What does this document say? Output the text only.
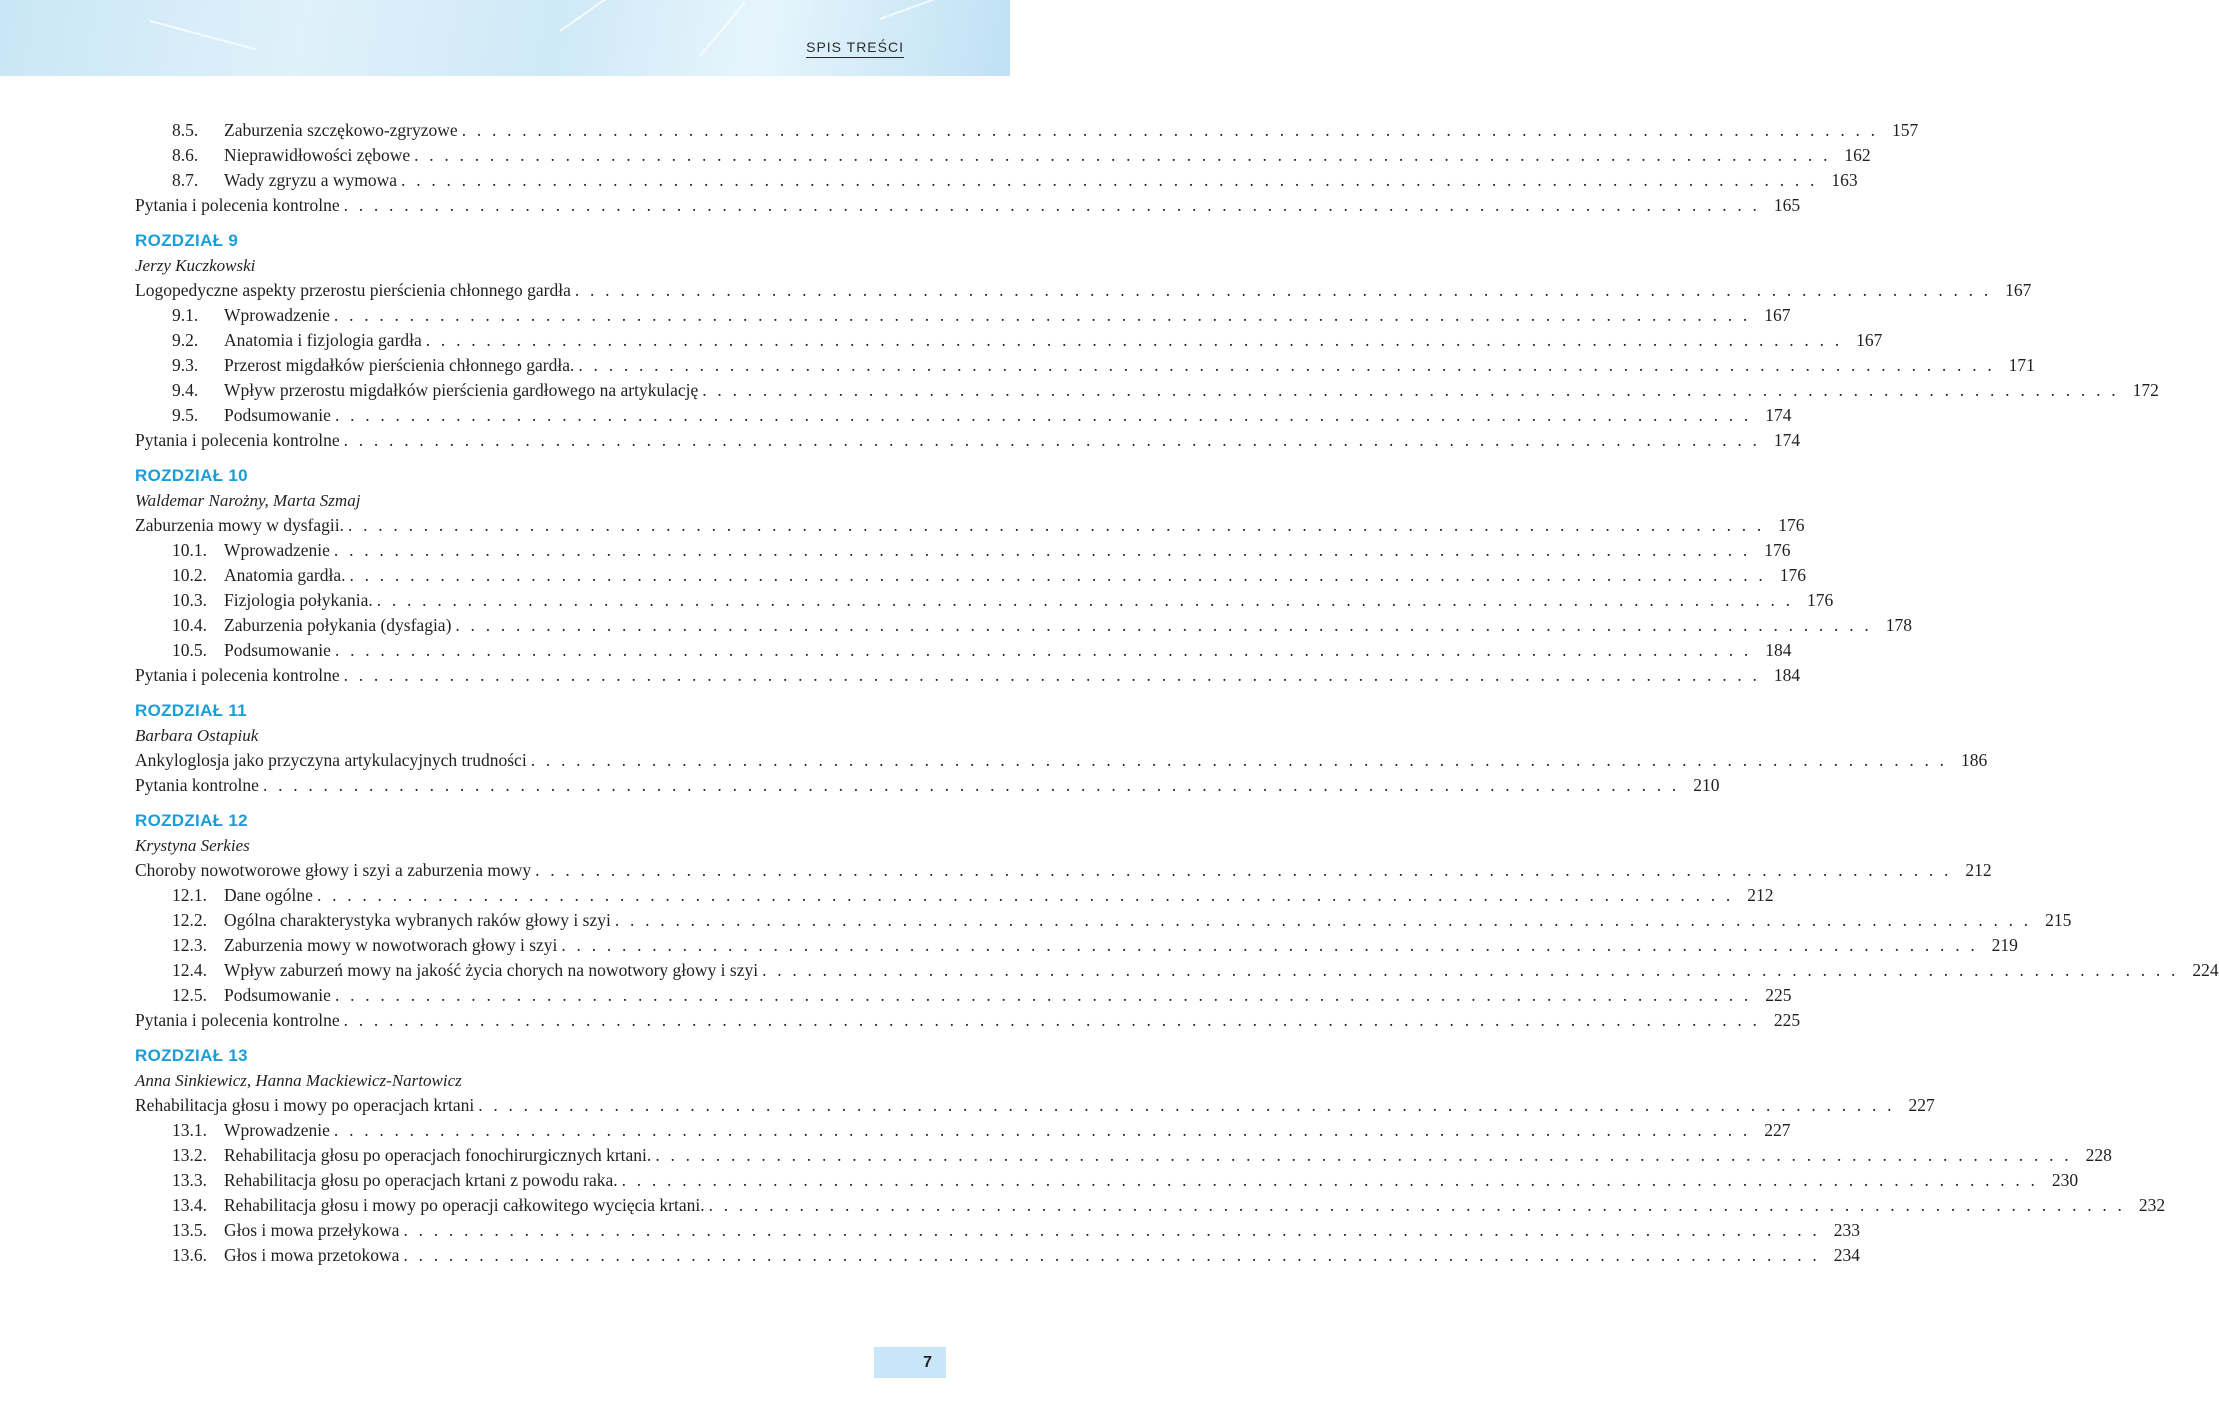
SPIS TREŚCI
8.5.	Zaburzenia szczękowo-zgryzowe . . . . . . . . . . . . . . . . . . . . . . . . . . . . . . . . . . . . . . . . . . . . . . . . . . . . . . . . . . . . . . . . . . . . . . . . . . . . . . . . . . . . . . . . . . . . . . 157
8.6.	Nieprawidłowości zębowe . . . . . . . . . . . . . . . . . . . . . . . . . . . . . . . . . . . . . . . . . . . . . . . . . . . . . . . . . . . . . . . . . . . . . . . . . . . . . . . . . . . . . . . . . . . . . . 162
8.7.	Wady zgryzu a wymowa . . . . . . . . . . . . . . . . . . . . . . . . . . . . . . . . . . . . . . . . . . . . . . . . . . . . . . . . . . . . . . . . . . . . . . . . . . . . . . . . . . . . . . . . . . . . . . 163
Pytania i polecenia kontrolne . . . . . . . . . . . . . . . . . . . . . . . . . . . . . . . . . . . . . . . . . . . . . . . . . . . . . . . . . . . . . . . . . . . . . . . . . . . . . . . . . . . . . . . . . . . . . . 165
ROZDZIAŁ 9
Jerzy Kuczkowski
Logopedyczne aspekty przerostu pierścienia chłonnego gardła . . . . . . . . . . . . . . . . . . . . . . . . . . . . . . . . . . . . . . . . . . . . . . . . . . . . . . . . . . . . . . . . . . . . . . . . . . . . . . . . . . . . . . . . . . . . . . 167
9.1.	Wprowadzenie . . . . . . . . . . . . . . . . . . . . . . . . . . . . . . . . . . . . . . . . . . . . . . . . . . . . . . . . . . . . . . . . . . . . . . . . . . . . . . . . . . . . . . . . . . . . . . 167
9.2.	Anatomia i fizjologia gardła . . . . . . . . . . . . . . . . . . . . . . . . . . . . . . . . . . . . . . . . . . . . . . . . . . . . . . . . . . . . . . . . . . . . . . . . . . . . . . . . . . . . . . . . . . . . . . 167
9.3.	Przerost migdałków pierścienia chłonnego gardła. . . . . . . . . . . . . . . . . . . . . . . . . . . . . . . . . . . . . . . . . . . . . . . . . . . . . . . . . . . . . . . . . . . . . . . . . . . . . . . . . . . . . . . . . . . . . . . 171
9.4.	Wpływ przerostu migdałków pierścienia gardłowego na artykulację . . . . . . . . . . . . . . . . . . . . . . . . . . . . . . . . . . . . . . . . . . . . . . . . . . . . . . . . . . . . . . . . . . . . . . . . . . . . . . . . . . . . . . . . . . . . . . 172
9.5.	Podsumowanie . . . . . . . . . . . . . . . . . . . . . . . . . . . . . . . . . . . . . . . . . . . . . . . . . . . . . . . . . . . . . . . . . . . . . . . . . . . . . . . . . . . . . . . . . . . . . . 174
Pytania i polecenia kontrolne . . . . . . . . . . . . . . . . . . . . . . . . . . . . . . . . . . . . . . . . . . . . . . . . . . . . . . . . . . . . . . . . . . . . . . . . . . . . . . . . . . . . . . . . . . . . . . 174
ROZDZIAŁ 10
Waldemar Narożny, Marta Szmaj
Zaburzenia mowy w dysfagii. . . . . . . . . . . . . . . . . . . . . . . . . . . . . . . . . . . . . . . . . . . . . . . . . . . . . . . . . . . . . . . . . . . . . . . . . . . . . . . . . . . . . . . . . . . . . . . 176
10.1. Wprowadzenie . . . . . . . . . . . . . . . . . . . . . . . . . . . . . . . . . . . . . . . . . . . . . . . . . . . . . . . . . . . . . . . . . . . . . . . . . . . . . . . . . . . . . . . . . . . . . . 176
10.2. Anatomia gardła. . . . . . . . . . . . . . . . . . . . . . . . . . . . . . . . . . . . . . . . . . . . . . . . . . . . . . . . . . . . . . . . . . . . . . . . . . . . . . . . . . . . . . . . . . . . . . . 176
10.3. Fizjologia połykania. . . . . . . . . . . . . . . . . . . . . . . . . . . . . . . . . . . . . . . . . . . . . . . . . . . . . . . . . . . . . . . . . . . . . . . . . . . . . . . . . . . . . . . . . . . . . . . 176
10.4. Zaburzenia połykania (dysfagia) . . . . . . . . . . . . . . . . . . . . . . . . . . . . . . . . . . . . . . . . . . . . . . . . . . . . . . . . . . . . . . . . . . . . . . . . . . . . . . . . . . . . . . . . . . . . . . 178
10.5. Podsumowanie . . . . . . . . . . . . . . . . . . . . . . . . . . . . . . . . . . . . . . . . . . . . . . . . . . . . . . . . . . . . . . . . . . . . . . . . . . . . . . . . . . . . . . . . . . . . . . 184
Pytania i polecenia kontrolne . . . . . . . . . . . . . . . . . . . . . . . . . . . . . . . . . . . . . . . . . . . . . . . . . . . . . . . . . . . . . . . . . . . . . . . . . . . . . . . . . . . . . . . . . . . . . . 184
ROZDZIAŁ 11
Barbara Ostapiuk
Ankyloglosja jako przyczyna artykulacyjnych trudności . . . . . . . . . . . . . . . . . . . . . . . . . . . . . . . . . . . . . . . . . . . . . . . . . . . . . . . . . . . . . . . . . . . . . . . . . . . . . . . . . . . . . . . . . . . . . . 186
Pytania kontrolne . . . . . . . . . . . . . . . . . . . . . . . . . . . . . . . . . . . . . . . . . . . . . . . . . . . . . . . . . . . . . . . . . . . . . . . . . . . . . . . . . . . . . . . . . . . . . . 210
ROZDZIAŁ 12
Krystyna Serkies
Choroby nowotworowe głowy i szyi a zaburzenia mowy . . . . . . . . . . . . . . . . . . . . . . . . . . . . . . . . . . . . . . . . . . . . . . . . . . . . . . . . . . . . . . . . . . . . . . . . . . . . . . . . . . . . . . . . . . . . . . 212
12.1. Dane ogólne . . . . . . . . . . . . . . . . . . . . . . . . . . . . . . . . . . . . . . . . . . . . . . . . . . . . . . . . . . . . . . . . . . . . . . . . . . . . . . . . . . . . . . . . . . . . . . 212
12.2. Ogólna charakterystyka wybranych raków głowy i szyi . . . . . . . . . . . . . . . . . . . . . . . . . . . . . . . . . . . . . . . . . . . . . . . . . . . . . . . . . . . . . . . . . . . . . . . . . . . . . . . . . . . . . . . . . . . . . . 215
12.3. Zaburzenia mowy w nowotworach głowy i szyi . . . . . . . . . . . . . . . . . . . . . . . . . . . . . . . . . . . . . . . . . . . . . . . . . . . . . . . . . . . . . . . . . . . . . . . . . . . . . . . . . . . . . . . . . . . . . . 219
12.4. Wpływ zaburzeń mowy na jakość życia chorych na nowotwory głowy i szyi . . . . . . . . . . . . . . . . . . . . . . . . . . . . . . . . . . . . . . . . . . . . . . . . . . . . . . . . . . . . . . . . . . . . . . . . . . . . . . . . . . . . . . . . . . . . . . 224
12.5. Podsumowanie . . . . . . . . . . . . . . . . . . . . . . . . . . . . . . . . . . . . . . . . . . . . . . . . . . . . . . . . . . . . . . . . . . . . . . . . . . . . . . . . . . . . . . . . . . . . . . 225
Pytania i polecenia kontrolne . . . . . . . . . . . . . . . . . . . . . . . . . . . . . . . . . . . . . . . . . . . . . . . . . . . . . . . . . . . . . . . . . . . . . . . . . . . . . . . . . . . . . . . . . . . . . . 225
ROZDZIAŁ 13
Anna Sinkiewicz, Hanna Mackiewicz-Nartowicz
Rehabilitacja głosu i mowy po operacjach krtani . . . . . . . . . . . . . . . . . . . . . . . . . . . . . . . . . . . . . . . . . . . . . . . . . . . . . . . . . . . . . . . . . . . . . . . . . . . . . . . . . . . . . . . . . . . . . . 227
13.1. Wprowadzenie . . . . . . . . . . . . . . . . . . . . . . . . . . . . . . . . . . . . . . . . . . . . . . . . . . . . . . . . . . . . . . . . . . . . . . . . . . . . . . . . . . . . . . . . . . . . . . 227
13.2. Rehabilitacja głosu po operacjach fonochirurgicznych krtani. . . . . . . . . . . . . . . . . . . . . . . . . . . . . . . . . . . . . . . . . . . . . . . . . . . . . . . . . . . . . . . . . . . . . . . . . . . . . . . . . . . . . . . . . . . . . . . 228
13.3. Rehabilitacja głosu po operacjach krtani z powodu raka. . . . . . . . . . . . . . . . . . . . . . . . . . . . . . . . . . . . . . . . . . . . . . . . . . . . . . . . . . . . . . . . . . . . . . . . . . . . . . . . . . . . . . . . . . . . . . . 230
13.4. Rehabilitacja głosu i mowy po operacji całkowitego wycięcia krtani. . . . . . . . . . . . . . . . . . . . . . . . . . . . . . . . . . . . . . . . . . . . . . . . . . . . . . . . . . . . . . . . . . . . . . . . . . . . . . . . . . . . . . . . . . . . . . . 232
13.5. Głos i mowa przełykowa . . . . . . . . . . . . . . . . . . . . . . . . . . . . . . . . . . . . . . . . . . . . . . . . . . . . . . . . . . . . . . . . . . . . . . . . . . . . . . . . . . . . . . . . . . . . . . 233
13.6. Głos i mowa przetokowa . . . . . . . . . . . . . . . . . . . . . . . . . . . . . . . . . . . . . . . . . . . . . . . . . . . . . . . . . . . . . . . . . . . . . . . . . . . . . . . . . . . . . . . . . . . . . . 234
7
